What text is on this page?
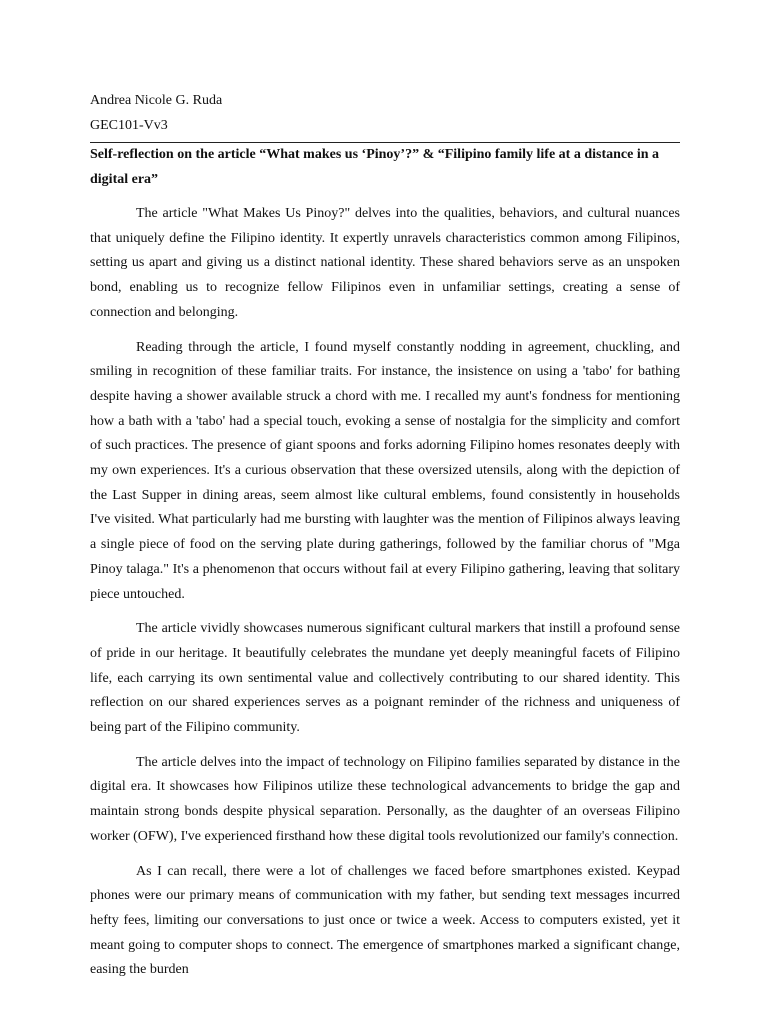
Andrea Nicole G. Ruda

GEC101-Vv3

Self-reflection on the article “What makes us ‘Pinoy’?” & “Filipino family life at a distance in a digital era”

The article "What Makes Us Pinoy?" delves into the qualities, behaviors, and cultural nuances that uniquely define the Filipino identity. It expertly unravels characteristics common among Filipinos, setting us apart and giving us a distinct national identity. These shared behaviors serve as an unspoken bond, enabling us to recognize fellow Filipinos even in unfamiliar settings, creating a sense of connection and belonging.

Reading through the article, I found myself constantly nodding in agreement, chuckling, and smiling in recognition of these familiar traits. For instance, the insistence on using a 'tabo' for bathing despite having a shower available struck a chord with me. I recalled my aunt's fondness for mentioning how a bath with a 'tabo' had a special touch, evoking a sense of nostalgia for the simplicity and comfort of such practices. The presence of giant spoons and forks adorning Filipino homes resonates deeply with my own experiences. It's a curious observation that these oversized utensils, along with the depiction of the Last Supper in dining areas, seem almost like cultural emblems, found consistently in households I've visited. What particularly had me bursting with laughter was the mention of Filipinos always leaving a single piece of food on the serving plate during gatherings, followed by the familiar chorus of "Mga Pinoy talaga." It's a phenomenon that occurs without fail at every Filipino gathering, leaving that solitary piece untouched.

The article vividly showcases numerous significant cultural markers that instill a profound sense of pride in our heritage. It beautifully celebrates the mundane yet deeply meaningful facets of Filipino life, each carrying its own sentimental value and collectively contributing to our shared identity. This reflection on our shared experiences serves as a poignant reminder of the richness and uniqueness of being part of the Filipino community.

The article delves into the impact of technology on Filipino families separated by distance in the digital era. It showcases how Filipinos utilize these technological advancements to bridge the gap and maintain strong bonds despite physical separation. Personally, as the daughter of an overseas Filipino worker (OFW), I've experienced firsthand how these digital tools revolutionized our family's connection.

As I can recall, there were a lot of challenges we faced before smartphones existed. Keypad phones were our primary means of communication with my father, but sending text messages incurred hefty fees, limiting our conversations to just once or twice a week. Access to computers existed, yet it meant going to computer shops to connect. The emergence of smartphones marked a significant change, easing the burden
